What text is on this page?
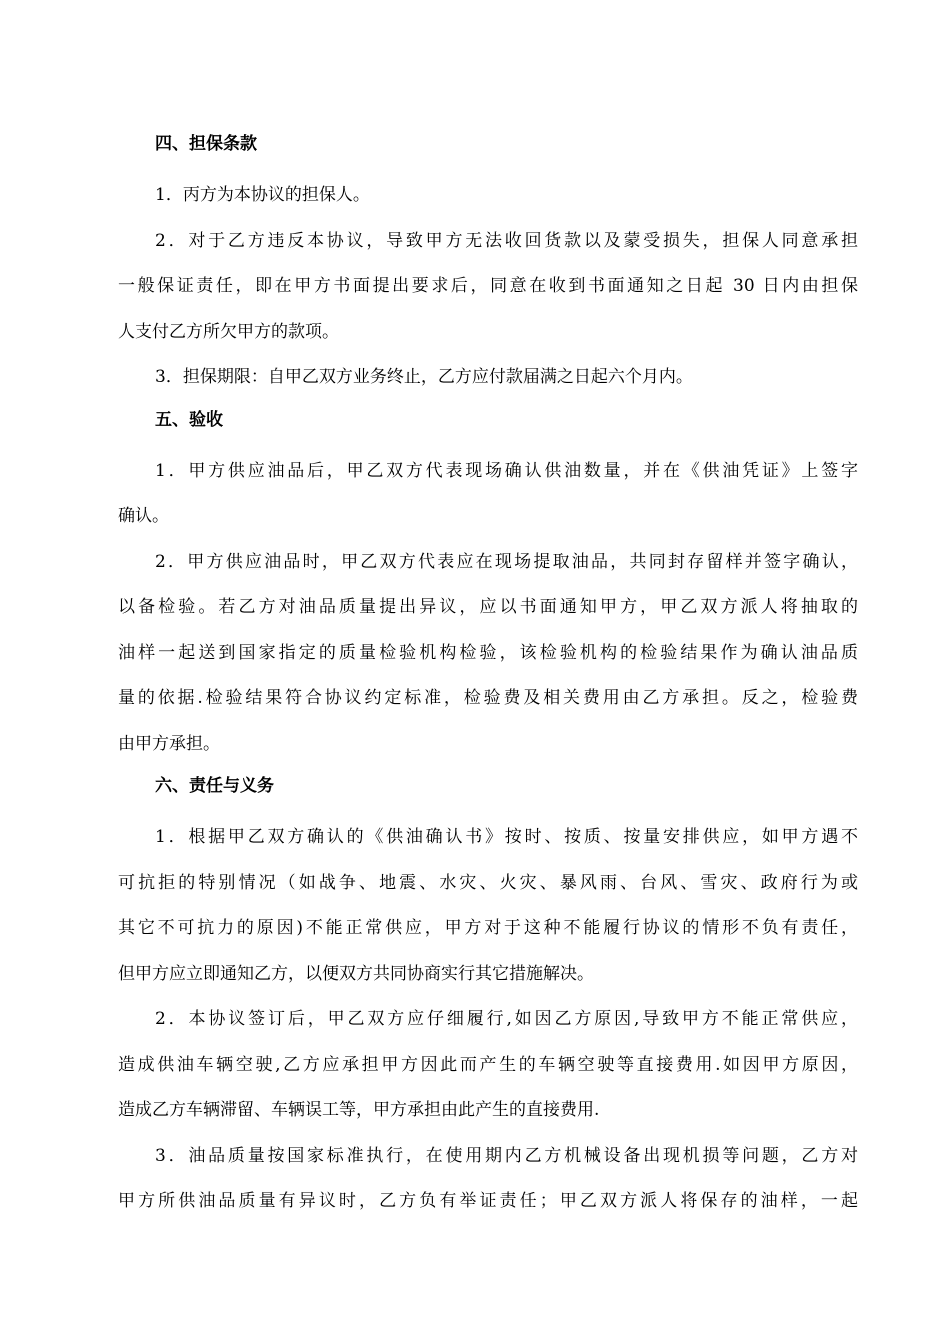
四、担保条款
1．丙方为本协议的担保人。
2．对于乙方违反本协议，导致甲方无法收回货款以及蒙受损失，担保人同意承担
一般保证责任，即在甲方书面提出要求后，同意在收到书面通知之日起 30 日内由担保
人支付乙方所欠甲方的款项。
3．担保期限：自甲乙双方业务终止，乙方应付款届满之日起六个月内。
五、验收
1．甲方供应油品后，甲乙双方代表现场确认供油数量，并在《供油凭证》上签字
确认。
2．甲方供应油品时，甲乙双方代表应在现场提取油品，共同封存留样并签字确认，
以备检验。若乙方对油品质量提出异议，应以书面通知甲方，甲乙双方派人将抽取的
油样一起送到国家指定的质量检验机构检验，该检验机构的检验结果作为确认油品质
量的依据.检验结果符合协议约定标准，检验费及相关费用由乙方承担。反之，检验费
由甲方承担。
六、责任与义务
1．根据甲乙双方确认的《供油确认书》按时、按质、按量安排供应，如甲方遇不
可抗拒的特别情况（如战争、地震、水灾、火灾、暴风雨、台风、雪灾、政府行为或
其它不可抗力的原因)不能正常供应，甲方对于这种不能履行协议的情形不负有责任，
但甲方应立即通知乙方，以便双方共同协商实行其它措施解决。
2．本协议签订后，甲乙双方应仔细履行,如因乙方原因,导致甲方不能正常供应，
造成供油车辆空驶,乙方应承担甲方因此而产生的车辆空驶等直接费用.如因甲方原因，
造成乙方车辆滞留、车辆误工等，甲方承担由此产生的直接费用.
3．油品质量按国家标准执行，在使用期内乙方机械设备出现机损等问题，乙方对
甲方所供油品质量有异议时，乙方负有举证责任；甲乙双方派人将保存的油样，一起
